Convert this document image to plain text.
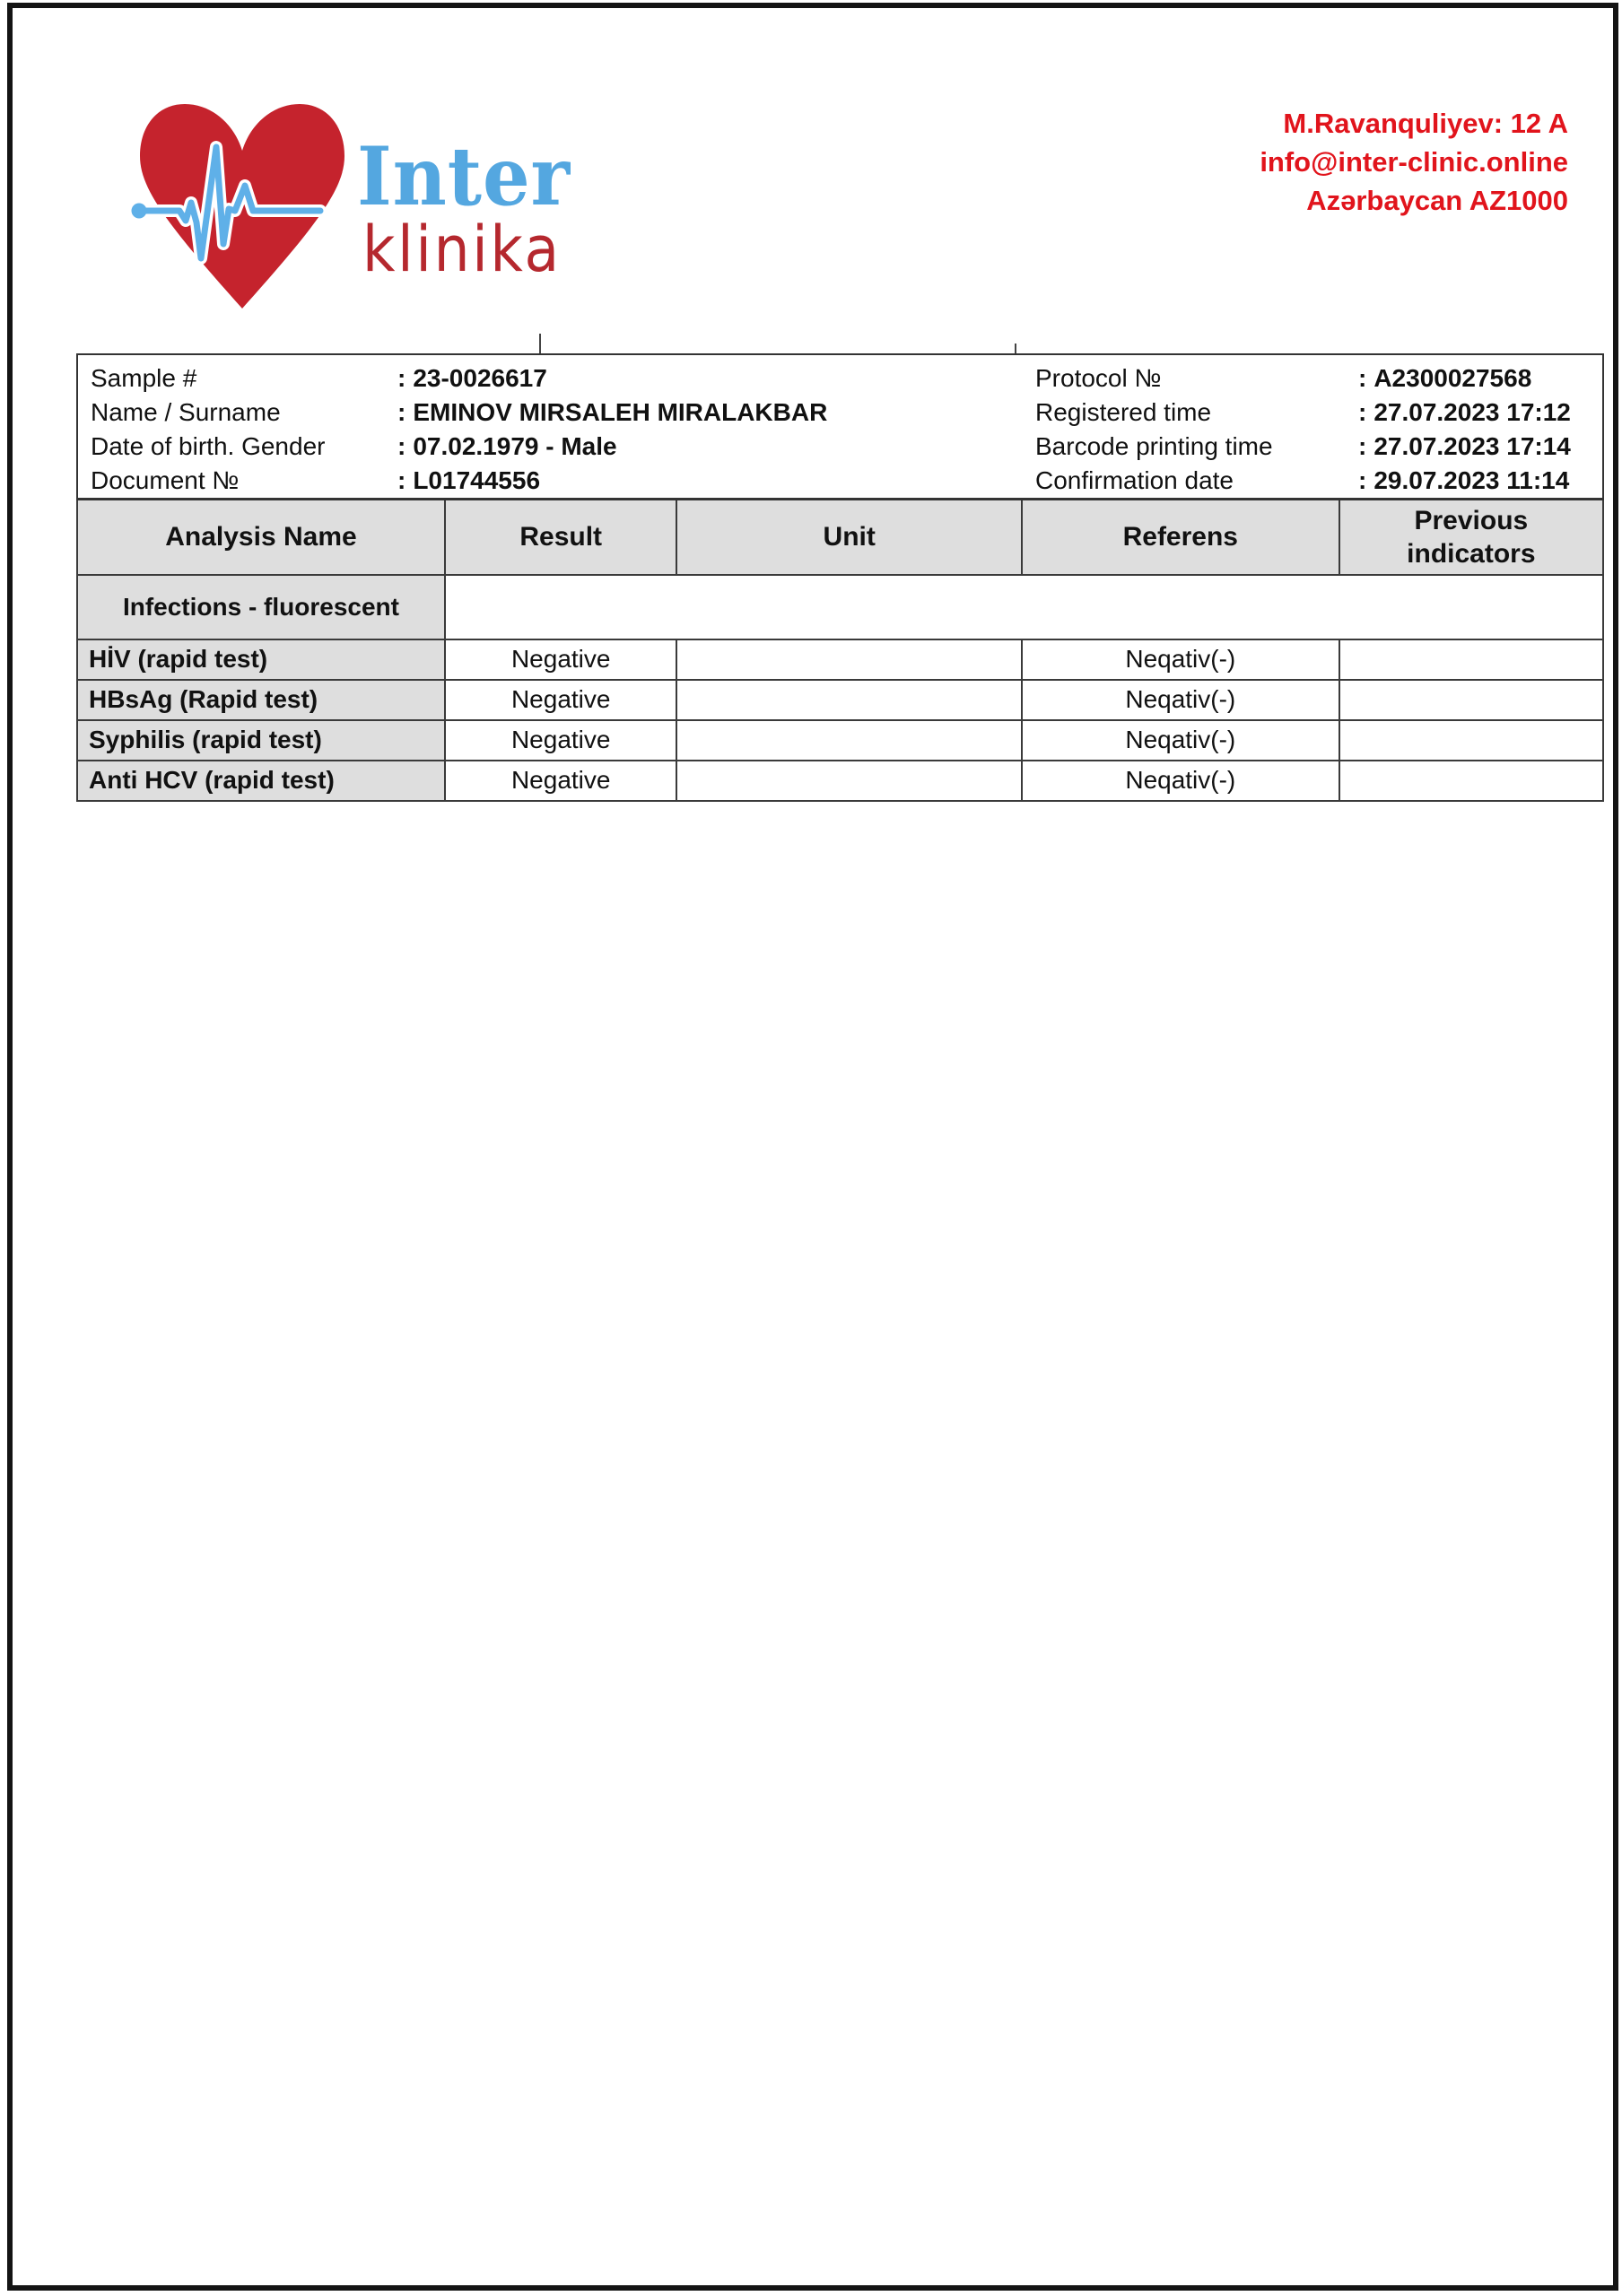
Inter
klinika
M.Ravanquliyev: 12 A
info@inter-clinic.online
Azərbaycan AZ1000
Sample #	: 23-0026617
Name / Surname	: EMINOV MIRSALEH MIRALAKBAR
Date of birth. Gender	: 07.02.1979 - Male
Document №	: L01744556
Protocol №	: A2300027568
Registered time	: 27.07.2023 17:12
Barcode printing time	: 27.07.2023 17:14
Confirmation date	: 29.07.2023 11:14
Analysis Name	Result	Unit	Referens	Previous indicators
Infections - fluorescent				
HİV (rapid test)	Negative		Neqativ(-)	
HBsAg (Rapid test)	Negative		Neqativ(-)	
Syphilis (rapid test)	Negative		Neqativ(-)	
Anti HCV (rapid test)	Negative		Neqativ(-)	
